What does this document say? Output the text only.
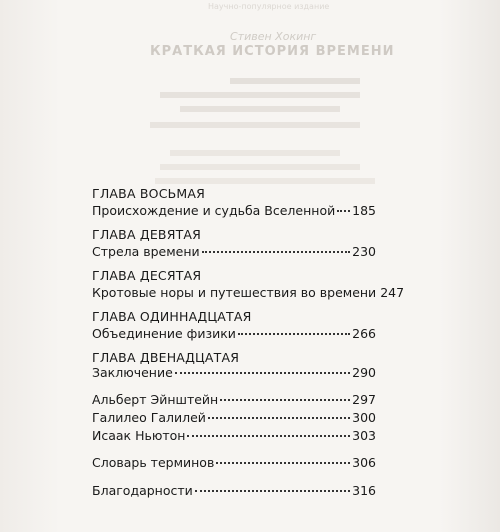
Научно-популярное издание
Стивен Хокинг
КРАТКАЯ ИСТОРИЯ ВРЕМЕНИ
ГЛАВА ВОСЬМАЯ
Происхождение и судьба Вселенной 185
ГЛАВА ДЕВЯТАЯ
Стрела времени	230
ГЛАВА ДЕСЯТАЯ
Кротовые норы и путешествия во времени 247
ГЛАВА ОДИННАДЦАТАЯ
Объединение физики	266
ГЛАВА ДВЕНАДЦАТАЯ
Заключение	290
Альберт Эйнштейн	297
Галилео Галилей	300
Исаак Ньютон	303
Словарь терминов	306
Благодарности	316
